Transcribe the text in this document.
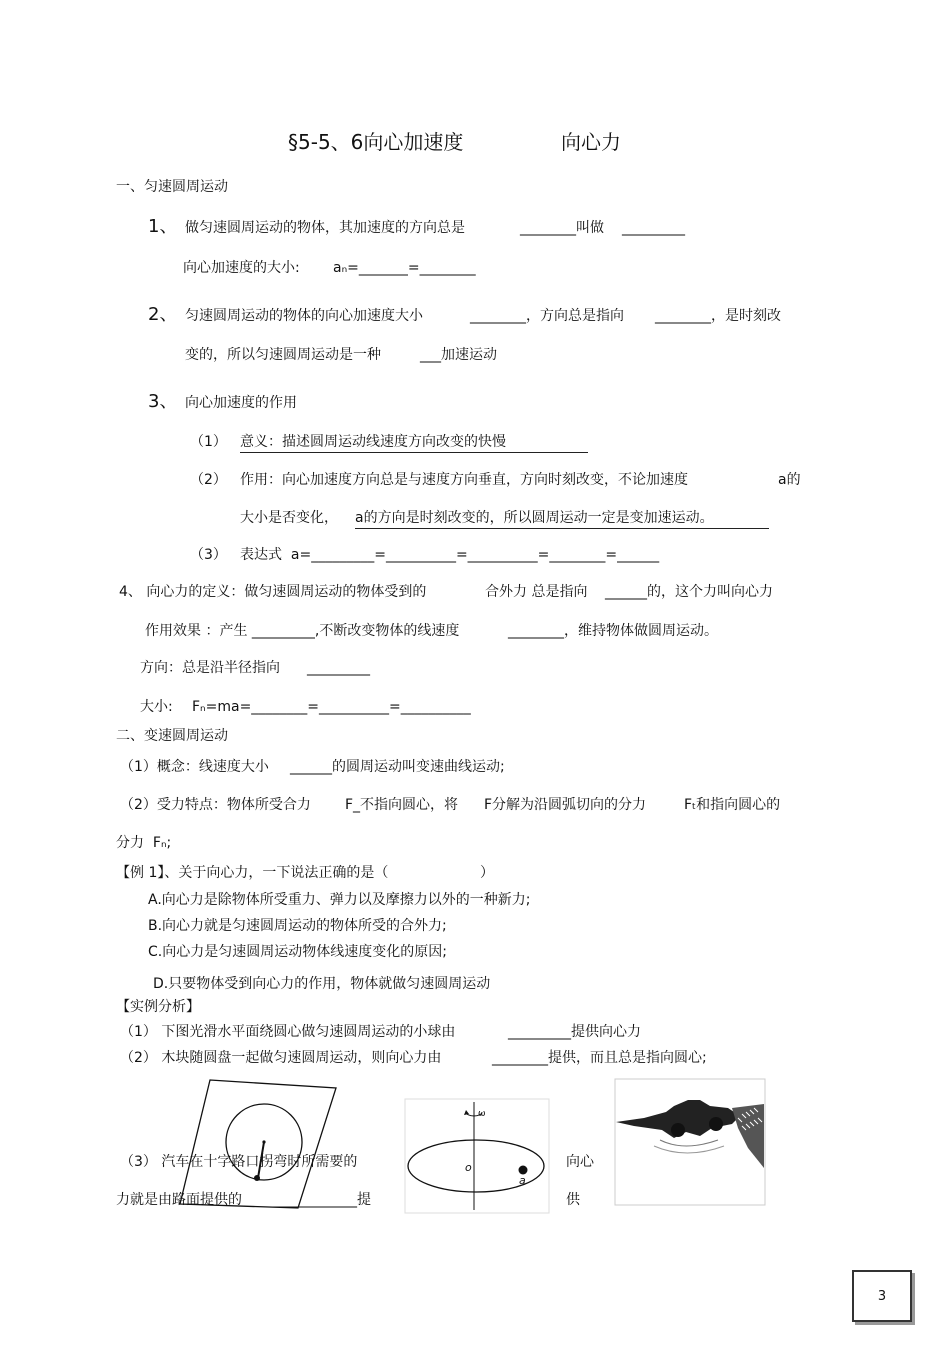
§5-5、6向心加速度	向心力
一、匀速圆周运动
1、 做匀速圆周运动的物体，其加速度的方向总是	________叫做 _________
向心加速度的大小: aₙ=_______=________
2、 匀速圆周运动的物体的向心加速度大小	________，方向总是指向 ________，是时刻改
变的，所以匀速圆周运动是一种	___加速运动
3、 向心加速度的作用
（1） 意义：描述圆周运动线速度方向改变的快慢
（2） 作用：向心加速度方向总是与速度方向垂直，方向时刻改变，不论加速度	a的
大小是否变化， a的方向是时刻改变的，所以圆周运动一定是变加速运动。
（3） 表达式  a=_________=__________=__________=________=______
4、 向心力的定义：做匀速圆周运动的物体受到的	合外力 总是指向 ______的，这个力叫向心力
作用效果 ：产生 _________,不断改变物体的线速度	________，维持物体做圆周运动。
方向：总是沿半径指向 _________
大小: Fₙ=ma=________=__________=__________
二、变速圆周运动
（1）概念：线速度大小 ______的圆周运动叫变速曲线运动;
（2）受力特点：物体所受合力 F_不指向圆心，将 F分解为沿圆弧切向的分力	Fₜ和指向圆心的
分力  Fₙ;
【例 1】、关于向心力，一下说法正确的是（	）
A.向心力是除物体所受重力、弹力以及摩擦力以外的一种新力;
B.向心力就是匀速圆周运动的物体所受的合外力;
C.向心力是匀速圆周运动物体线速度变化的原因;
D.只要物体受到向心力的作用，物体就做匀速圆周运动
【实例分析】
（1） 下图光滑水平面绕圆心做匀速圆周运动的小球由	_________提供向心力
（2） 木块随圆盘一起做匀速圆周运动，则向心力由	________提供，而且总是指向圆心;
o
a
ω
（3） 汽车在十字路口拐弯时所需要的	向心
力就是由路面提供的 _____________提	供
3
